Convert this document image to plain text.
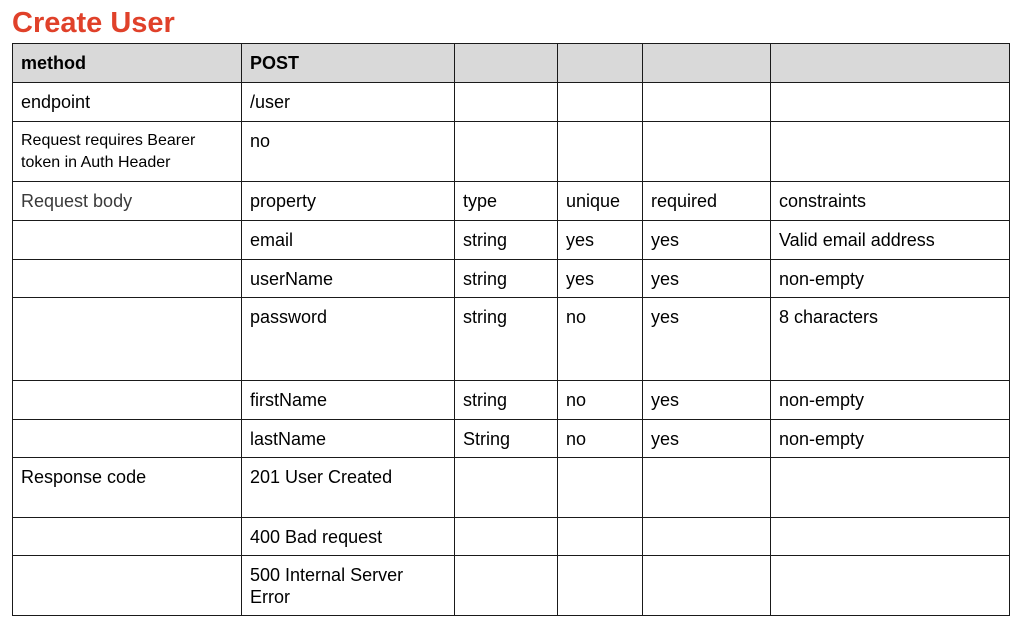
Create User
method	POST				
endpoint	/user				
Request requires Bearer token in Auth Header	no				
Request body	property	type	unique	required	constraints
	email	string	yes	yes	Valid email address
	userName	string	yes	yes	non-empty
	password	string	no	yes	8 characters
	firstName	string	no	yes	non-empty
	lastName	String	no	yes	non-empty
Response code	201 User Created				
	400 Bad request				
	500 Internal Server Error				
